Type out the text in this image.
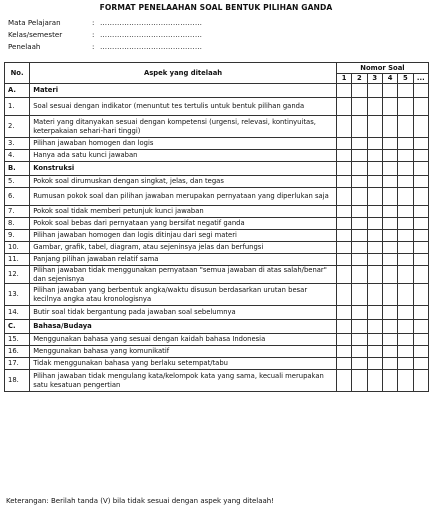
FORMAT PENELAAHAN SOAL BENTUK PILIHAN GANDA
Mata Pelajaran	: ……………………………………
Kelas/semester	: ……………………………………
Penelaah	: ……………………………………
No.	Aspek yang ditelaah	Nomor Soal					
		1	2	3	4	5	...
A.	Materi						
1.	Soal sesuai dengan indikator (menuntut tes tertulis untuk bentuk pilihan ganda						
2.	Materi yang ditanyakan sesuai dengan kompetensi (urgensi, relevasi, kontinyuitas, keterpakaian sehari-hari tinggi)						
3.	Pilihan jawaban homogen dan logis						
4.	Hanya ada satu kunci jawaban						
B.	Konstruksi						
5.	Pokok soal dirumuskan dengan singkat, jelas, dan tegas						
6.	Rumusan pokok soal dan pilihan jawaban merupakan pernyataan yang diperlukan saja						
7.	Pokok soal tidak memberi petunjuk kunci jawaban						
8.	Pokok soal bebas dari pernyataan yang bersifat negatif ganda						
9.	Pilihan jawaban homogen dan logis ditinjau dari segi materi						
10.	Gambar, grafik, tabel, diagram, atau sejeninsya jelas dan berfungsi						
11.	Panjang pilihan jawaban relatif sama						
12.	Pilihan jawaban tidak menggunakan pernyataan "semua jawaban di atas salah/benar" dan sejenisnya						
13.	Pilihan jawaban yang berbentuk angka/waktu disusun berdasarkan urutan besar kecilnya angka atau kronologisnya						
14.	Butir soal tidak bergantung pada jawaban soal sebelumnya						
C.	Bahasa/Budaya						
15.	Menggunakan bahasa yang sesuai dengan kaidah bahasa Indonesia						
16.	Menggunakan bahasa yang komunikatif						
17.	Tidak menggunakan bahasa yang berlaku setempat/tabu						
18.	Pilihan jawaban tidak mengulang kata/kelompok kata yang sama, kecuali merupakan satu kesatuan pengertian						
Keterangan: Berilah tanda (V) bila tidak sesuai dengan aspek yang ditelaah!
